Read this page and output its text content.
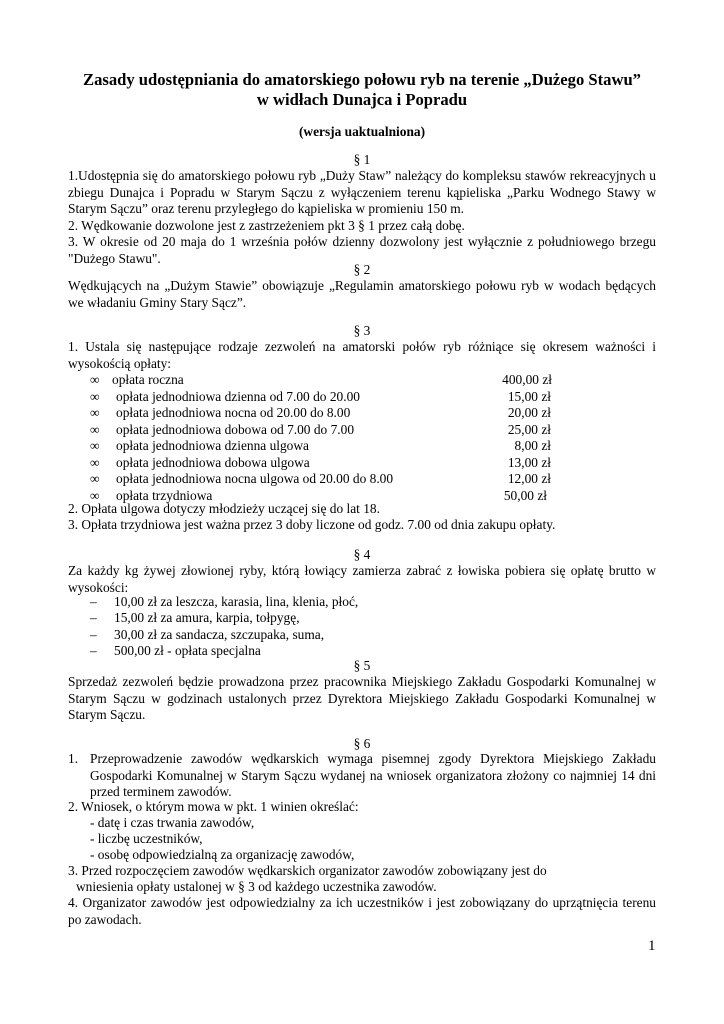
Zasady udostępniania do amatorskiego połowu ryb na terenie „Dużego Stawu”
w widłach Dunajca i Popradu
(wersja uaktualniona)
§ 1
1.Udostępnia się do amatorskiego połowu ryb „Duży Staw” należący do kompleksu stawów rekreacyjnych u zbiegu Dunajca i Popradu w Starym Sączu z wyłączeniem terenu kąpieliska „Parku Wodnego Stawy w Starym Sączu” oraz terenu przyległego do kąpieliska w promieniu 150 m.
2. Wędkowanie dozwolone jest z zastrzeżeniem pkt 3 § 1 przez całą dobę.
3. W okresie od 20 maja do 1 września połów dzienny dozwolony jest wyłącznie z południowego brzegu "Dużego Stawu".
§ 2
Wędkujących na „Dużym Stawie” obowiązuje „Regulamin amatorskiego połowu ryb w wodach będących we władaniu Gminy Stary Sącz”.
§ 3
1. Ustala się następujące rodzaje zezwoleń na amatorski połów ryb różniące się okresem ważności i wysokością opłaty:
∞ opłata roczna	400,00 zł
∞ opłata jednodniowa dzienna od 7.00 do 20.00	15,00 zł
∞ opłata jednodniowa nocna od 20.00 do 8.00	20,00 zł
∞ opłata jednodniowa dobowa od 7.00 do 7.00	25,00 zł
∞ opłata jednodniowa dzienna ulgowa	8,00 zł
∞ opłata jednodniowa dobowa ulgowa	13,00 zł
∞ opłata jednodniowa nocna ulgowa od 20.00 do 8.00	12,00 zł
∞ opłata trzydniowa	50,00 zł
2. Opłata ulgowa dotyczy młodzieży uczącej się do lat 18.
3. Opłata trzydniowa jest ważna przez 3 doby liczone od godz. 7.00 od dnia zakupu opłaty.
§ 4
Za każdy kg żywej złowionej ryby, którą łowiący zamierza zabrać z łowiska pobiera się opłatę brutto w wysokości:
– 10,00 zł za leszcza, karasia, lina, klenia, płoć,
– 15,00 zł za amura, karpia, tołpygę,
– 30,00 zł za sandacza, szczupaka, suma,
– 500,00 zł - opłata specjalna
§ 5
Sprzedaż zezwoleń będzie prowadzona przez pracownika Miejskiego Zakładu Gospodarki Komunalnej w Starym Sączu w godzinach ustalonych przez Dyrektora Miejskiego Zakładu Gospodarki Komunalnej w Starym Sączu.
§ 6
1. Przeprowadzenie zawodów wędkarskich wymaga pisemnej zgody Dyrektora Miejskiego Zakładu Gospodarki Komunalnej w Starym Sączu wydanej na wniosek organizatora złożony co najmniej 14 dni przed terminem zawodów.
2. Wniosek, o którym mowa w pkt. 1 winien określać:
- datę i czas trwania zawodów,
- liczbę uczestników,
- osobę odpowiedzialną za organizację zawodów,
3. Przed rozpoczęciem zawodów wędkarskich organizator zawodów zobowiązany jest do
wniesienia opłaty ustalonej w § 3 od każdego uczestnika zawodów.
4. Organizator zawodów jest odpowiedzialny za ich uczestników i jest zobowiązany do uprzątnięcia terenu po zawodach.
1
